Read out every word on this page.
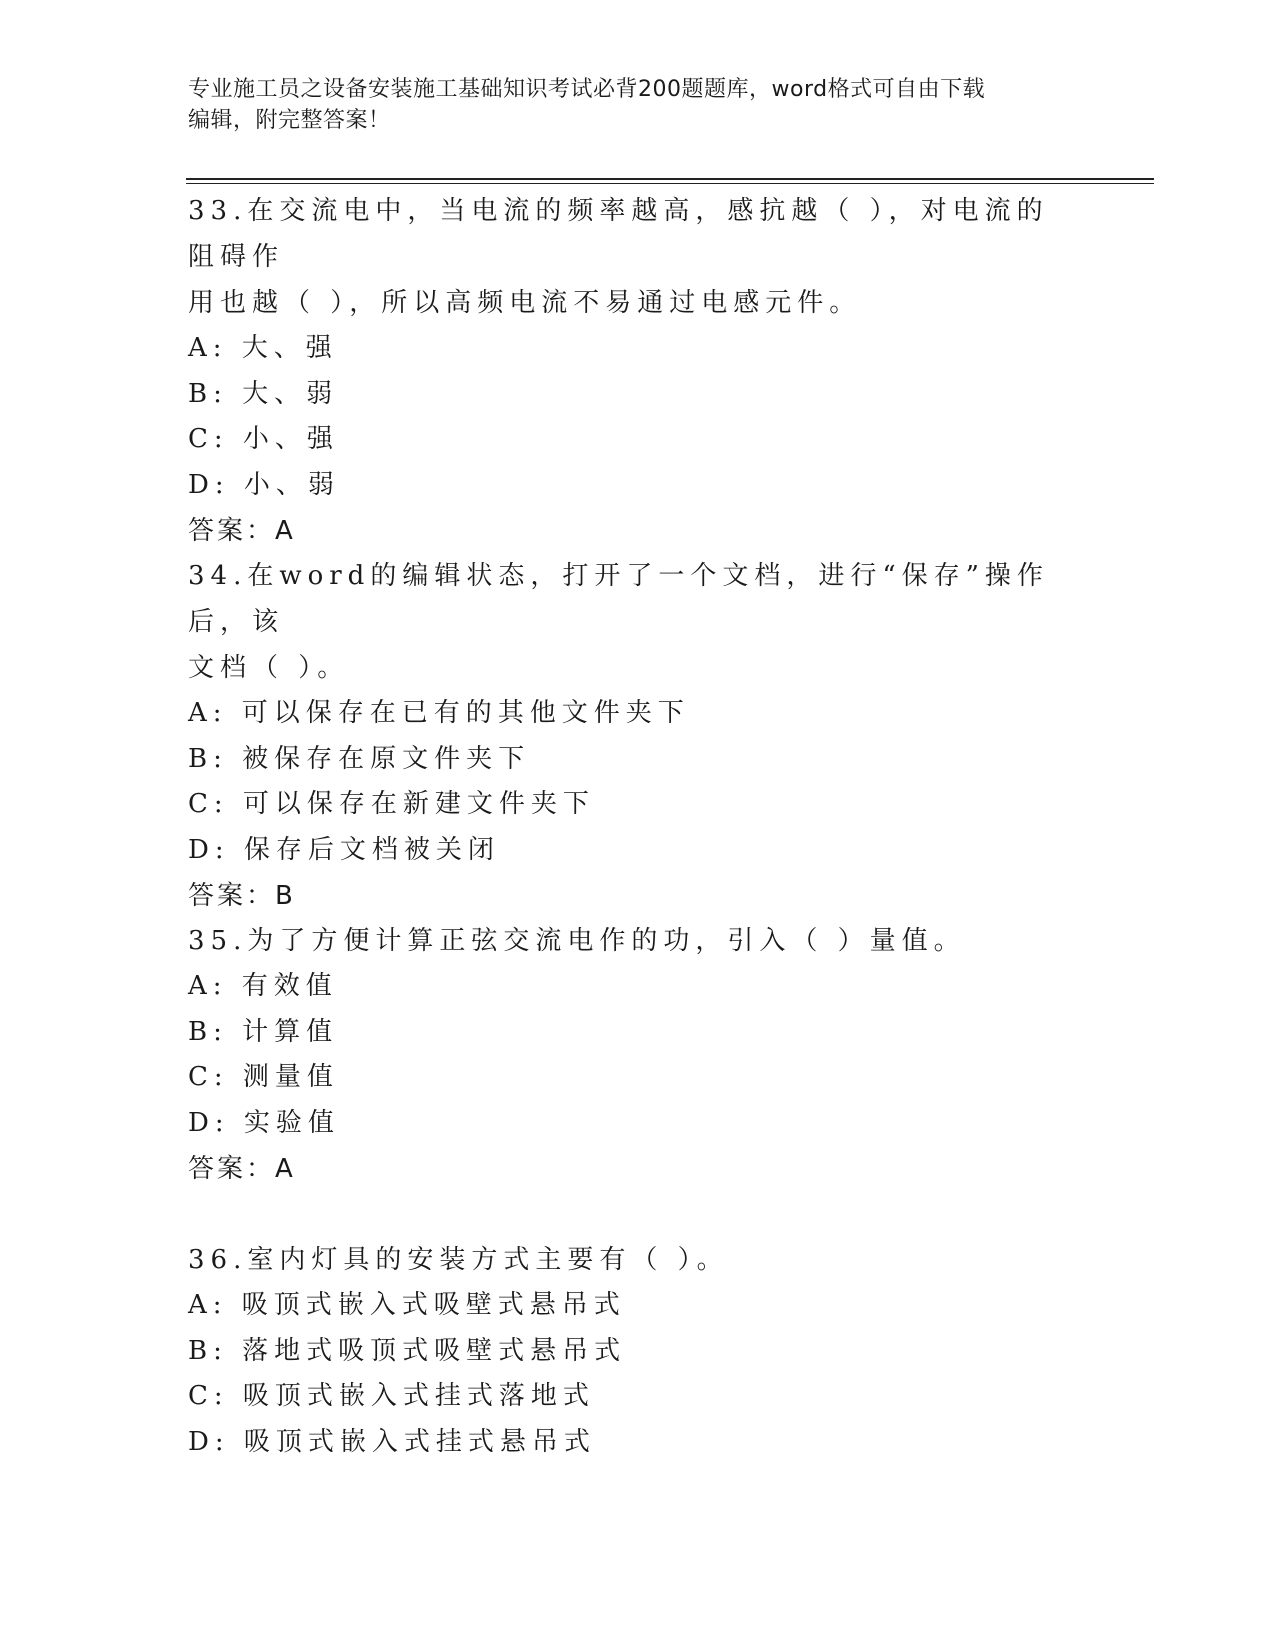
专业施工员之设备安装施工基础知识考试必背200题题库，word格式可自由下载
编辑，附完整答案！
33.在交流电中，当电流的频率越高，感抗越（ ），对电流的阻碍作
用也越（ ），所以高频电流不易通过电感元件。
A: 大、强
B: 大、弱
C: 小、强
D: 小、弱
答案：A
34.在word的编辑状态，打开了一个文档，进行“保存”操作后，该
文档（ ）。
A: 可以保存在已有的其他文件夹下
B: 被保存在原文件夹下
C: 可以保存在新建文件夹下
D: 保存后文档被关闭
答案：B
35.为了方便计算正弦交流电作的功，引入（ ）量值。
A: 有效值
B: 计算值
C: 测量值
D: 实验值
答案：A
36.室内灯具的安装方式主要有（ ）。
A: 吸顶式嵌入式吸壁式悬吊式
B: 落地式吸顶式吸壁式悬吊式
C: 吸顶式嵌入式挂式落地式
D: 吸顶式嵌入式挂式悬吊式
